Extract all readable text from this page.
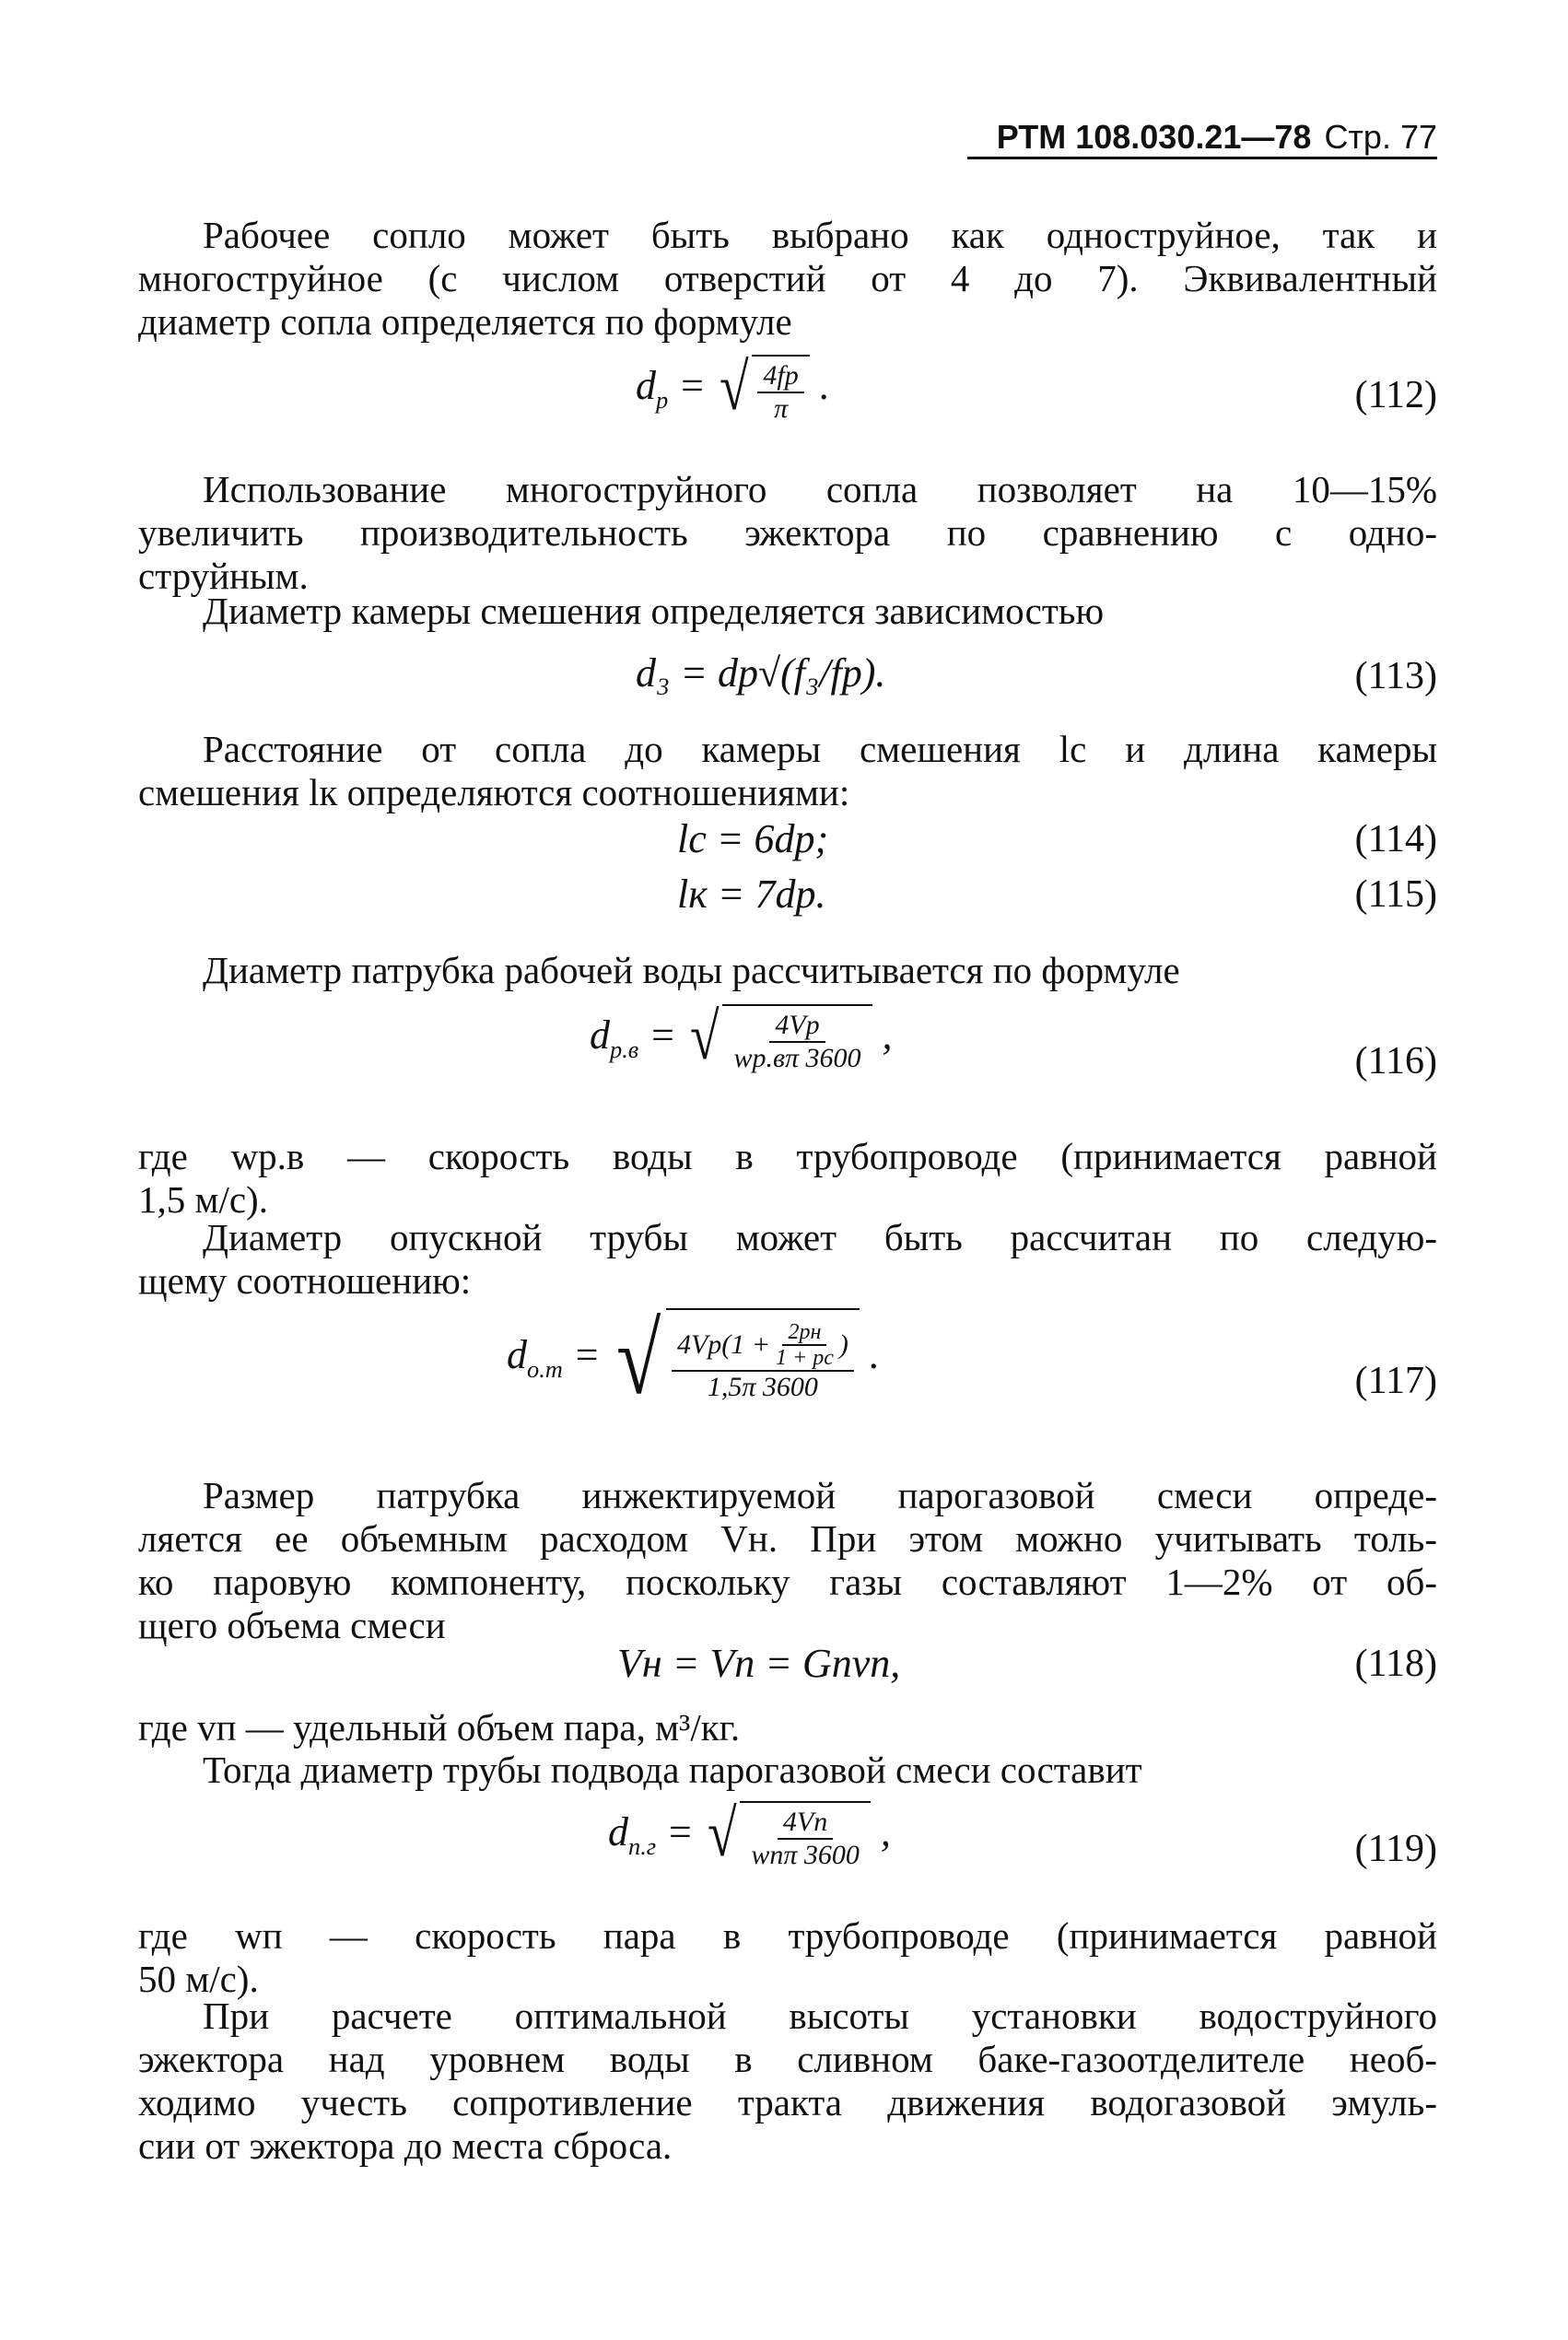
РТМ 108.030.21—78 Стр. 77
Рабочее сопло может быть выбрано как одноструйное, так и
многоструйное (с числом отверстий от 4 до 7). Эквивалентный
диаметр сопла определяется по формуле
$d_р$ = √ $\frac{4fр}{\pi}$ .	(112)
Использование многоструйного сопла позволяет на 10—15%
увеличить производительность эжектора по сравнению с одно-
струйным.
Диаметр камеры смешения определяется зависимостью
d₃ = dр√(f₃/fр).	(113)
Расстояние от сопла до камеры смешения lc и длина камеры
смешения lк определяются соотношениями:
lс = 6dр;	(114)
lк = 7dр.	(115)
Диаметр патрубка рабочей воды рассчитывается по формуле
$d_{р.в}$ = √ $\frac{4Vр}{wр.в\pi 3600}$ ,
(116)
где wр.в — скорость воды в трубопроводе (принимается равной
1,5 м/с).
Диаметр опускной трубы может быть рассчитан по следую-
щему соотношению:
$d_{о.т}$ = √ $\frac{4Vр(1 + \frac{2pн}{1 + pс} )}{1,5\pi 3600}$ .
(117)
Размер патрубка инжектируемой парогазовой смеси опреде-
ляется ее объемным расходом Vн. При этом можно учитывать толь-
ко паровую компоненту, поскольку газы составляют 1—2% от об-
щего объема смеси
Vн = Vп = Gпvп,	(118)
где vп — удельный объем пара, м³/кг.
Тогда диаметр трубы подвода парогазовой смеси составит
$d_{п.г}$ = √ $\frac{4Vп}{\text{wпπ 3600}}$ ,	(119)
где wп — скорость пара в трубопроводе (принимается равной
50 м/с).
При расчете оптимальной высоты установки водоструйного
эжектора над уровнем воды в сливном баке-газоотделителе необ-
ходимо учесть сопротивление тракта движения водогазовой эмуль-
сии от эжектора до места сброса.
